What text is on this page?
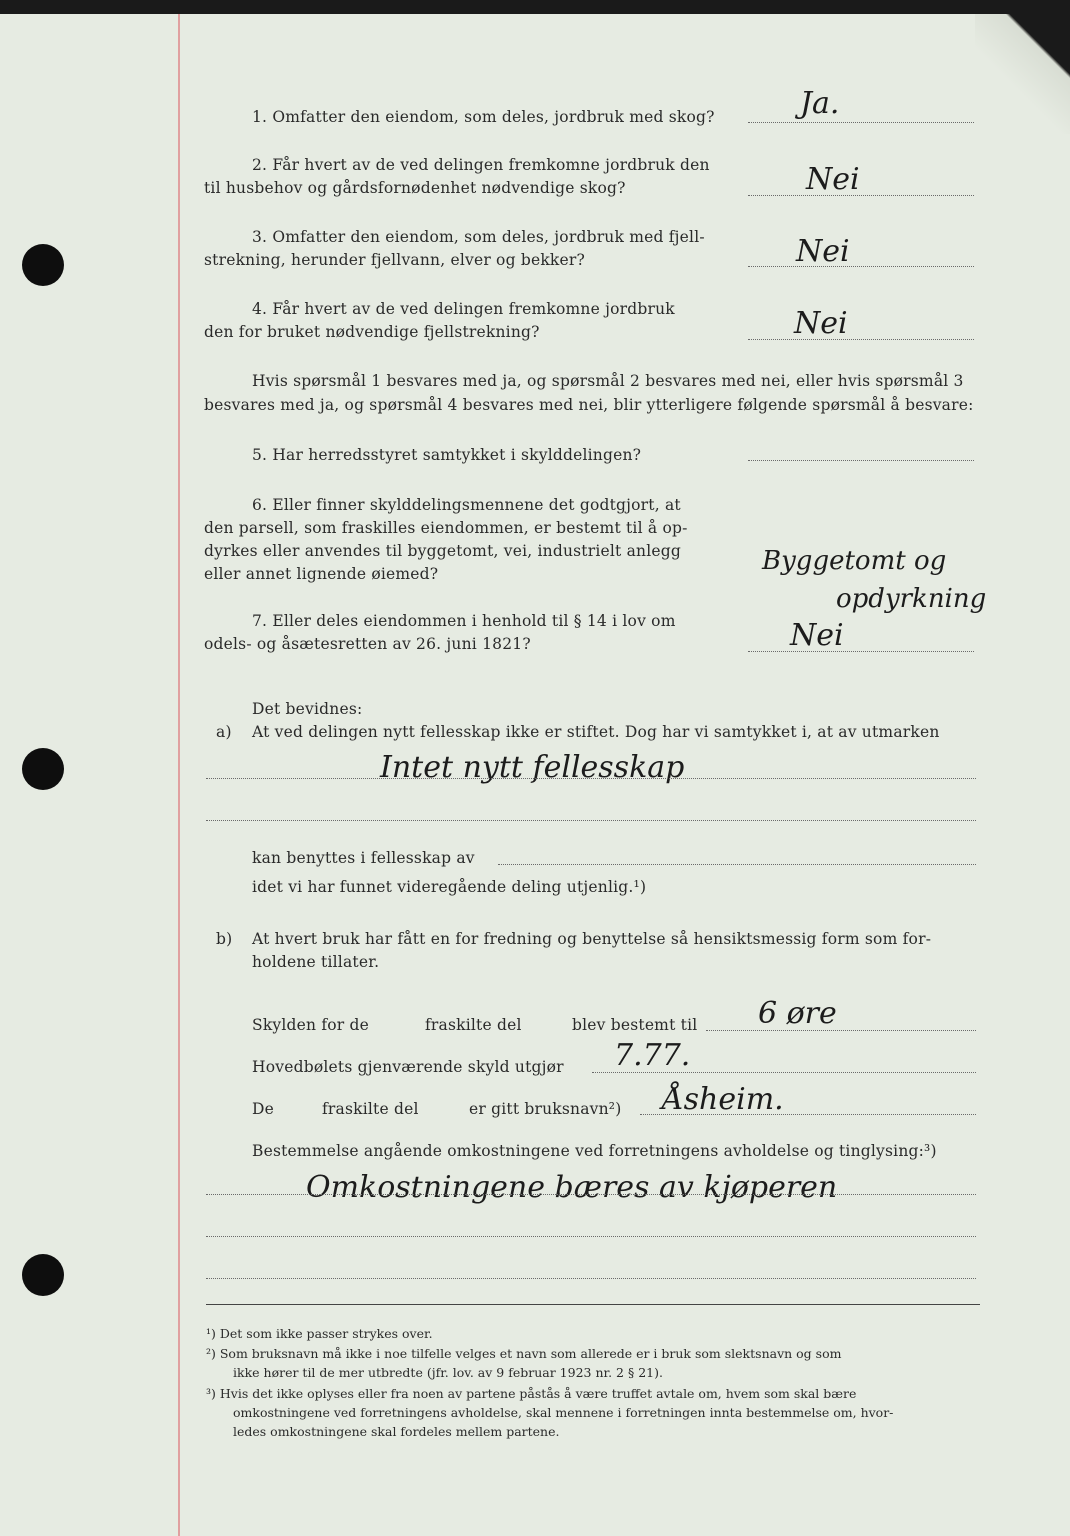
1. Omfatter den eiendom, som deles, jordbruk med skog?	Ja.
2. Får hvert av de ved delingen fremkomne jordbruk den
til husbehov og gårdsfornødenhet nødvendige skog?	Nei
3. Omfatter den eiendom, som deles, jordbruk med fjell-
strekning, herunder fjellvann, elver og bekker?	Nei
4. Får hvert av de ved delingen fremkomne jordbruk
den for bruket nødvendige fjellstrekning?	Nei
Hvis spørsmål 1 besvares med ja, og spørsmål 2 besvares med nei, eller hvis spørsmål 3
besvares med ja, og spørsmål 4 besvares med nei, blir ytterligere følgende spørsmål å besvare:
5. Har herredsstyret samtykket i skylddelingen?
6. Eller finner skylddelingsmennene det godtgjort, at
den parsell, som fraskilles eiendommen, er bestemt til å op-
dyrkes eller anvendes til byggetomt, vei, industrielt anlegg
eller annet lignende øiemed?	Byggetomt og
opdyrkning
7. Eller deles eiendommen i henhold til § 14 i lov om
odels- og åsætesretten av 26. juni 1821?	Nei
Det bevidnes:
a) At ved delingen nytt fellesskap ikke er stiftet. Dog har vi samtykket i, at av utmarken
Intet nytt fellesskap
kan benyttes i fellesskap av
idet vi har funnet videregående deling utjenlig.¹)
b) At hvert bruk har fått en for fredning og benyttelse så hensiktsmessig form som for-
holdene tillater.
Skylden for de	fraskilte del	blev bestemt til 6 øre
Hovedbølets gjenværende skyld utgjør 7.77.
De	fraskilte del	er gitt bruksnavn²) Åsheim.
Bestemmelse angående omkostningene ved forretningens avholdelse og tinglysing:³)
Omkostningene bæres av kjøperen
¹) Det som ikke passer strykes over.
²) Som bruksnavn må ikke i noe tilfelle velges et navn som allerede er i bruk som slektsnavn og som
ikke hører til de mer utbredte (jfr. lov. av 9 februar 1923 nr. 2 § 21).
³) Hvis det ikke oplyses eller fra noen av partene påstås å være truffet avtale om, hvem som skal bære
omkostningene ved forretningens avholdelse, skal mennene i forretningen innta bestemmelse om, hvor-
ledes omkostningene skal fordeles mellem partene.
